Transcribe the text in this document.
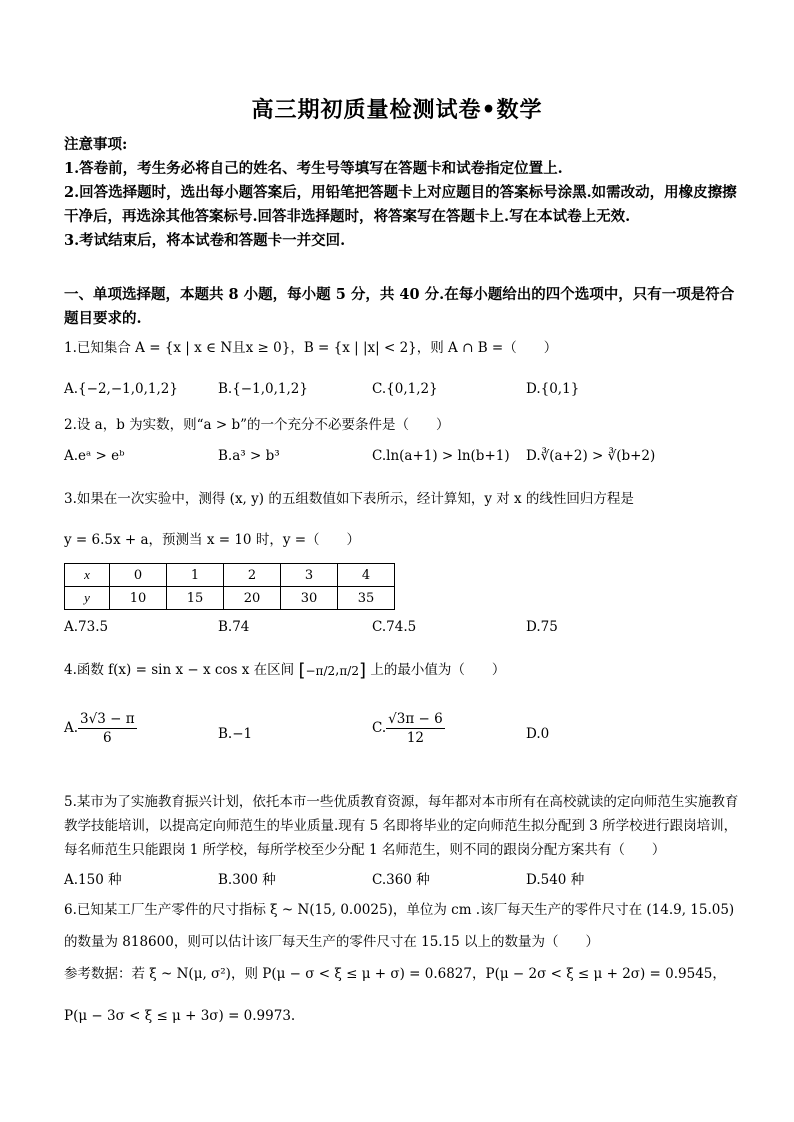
高三期初质量检测试卷•数学

注意事项:

1.答卷前，考生务必将自己的姓名、考生号等填写在答题卡和试卷指定位置上.

2.回答选择题时，选出每小题答案后，用铅笔把答题卡上对应题目的答案标号涂黑.如需改动，用橡皮擦擦干净后，再选涂其他答案标号.回答非选择题时，将答案写在答题卡上.写在本试卷上无效.

3.考试结束后，将本试卷和答题卡一并交回.

一、单项选择题，本题共 8 小题，每小题 5 分，共 40 分.在每小题给出的四个选项中，只有一项是符合题目要求的.
1.已知集合 A = {x | x ∈ N且x ≥ 0}，B = {x | |x| < 2}，则 A ∩ B =（　　）
A.{−2,−1,0,1,2}	B.{−1,0,1,2}	C.{0,1,2}	D.{0,1}
2.设 a，b 为实数，则“a > b”的一个充分不必要条件是（　　）
A.eᵃ > eᵇ	B.a³ > b³	C.ln(a+1) > ln(b+1) D.∛(a+2) > ∛(b+2)
3.如果在一次实验中，测得 (x, y) 的五组数值如下表所示，经计算知，y 对 x 的线性回归方程是
y = 6.5x + a，预测当 x = 10 时，y =（　　）
x	0	1	2	3	4
y	10	15	20	30	35
A.73.5	B.74	C.74.5	D.75
4.函数 f(x) = sin x − x cos x 在区间 [−π/2,π/2] 上的最小值为（　　）
A. $\frac{3√3 - \pi}{6}$	B.−1	C. $\frac{√3\pi - 6}{12}$	D.0
5.某市为了实施教育振兴计划，依托本市一些优质教育资源，每年都对本市所有在高校就读的定向师范生实施教育教学技能培训，以提高定向师范生的毕业质量.现有 5 名即将毕业的定向师范生拟分配到 3 所学校进行跟岗培训，每名师范生只能跟岗 1 所学校，每所学校至少分配 1 名师范生，则不同的跟岗分配方案共有（　　）
A.150 种	B.300 种	C.360 种	D.540 种
6.已知某工厂生产零件的尺寸指标 ξ ~ N(15, 0.0025)，单位为 cm .该厂每天生产的零件尺寸在 (14.9, 15.05)
的数量为 818600，则可以估计该厂每天生产的零件尺寸在 15.15 以上的数量为（　　）
参考数据：若 ξ ~ N(μ, σ²)，则 P(μ − σ < ξ ≤ μ + σ) = 0.6827，P(μ − 2σ < ξ ≤ μ + 2σ) = 0.9545，
P(μ − 3σ < ξ ≤ μ + 3σ) = 0.9973.
